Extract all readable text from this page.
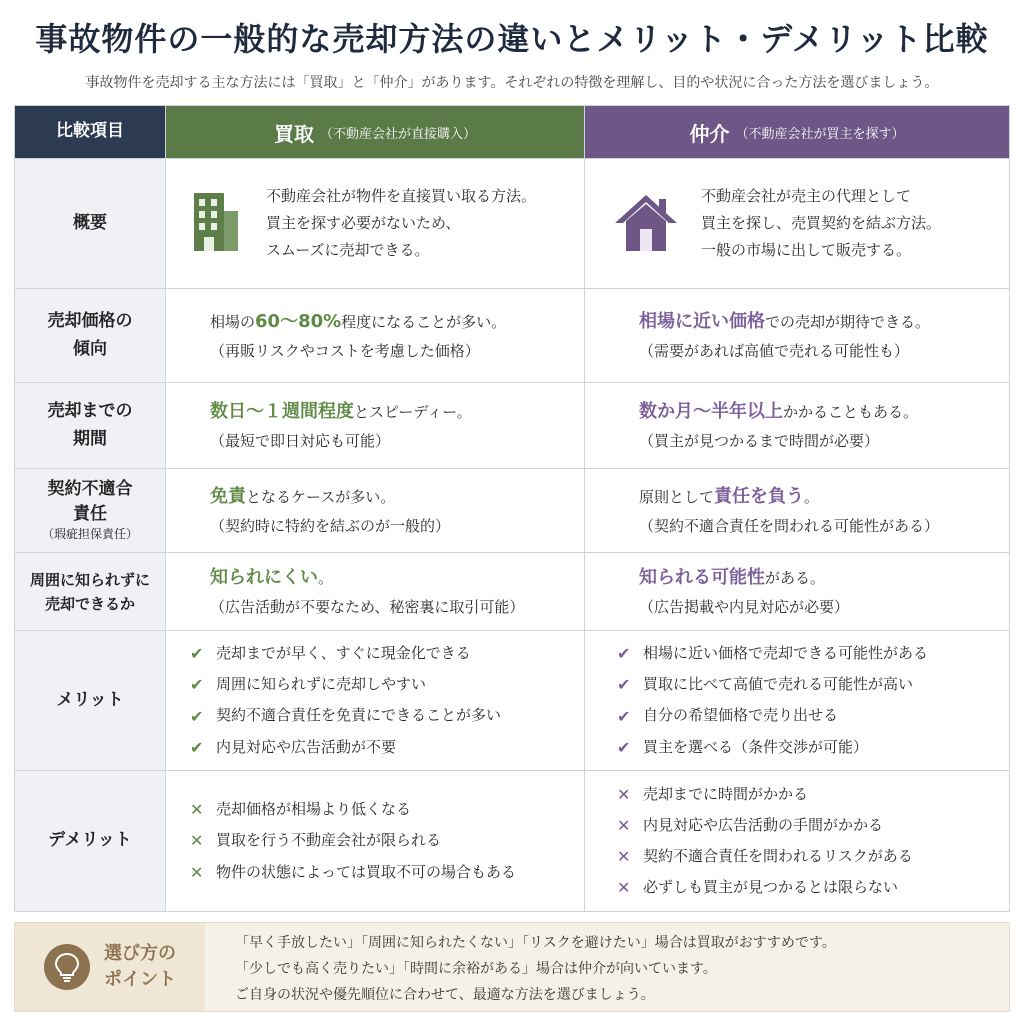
事故物件の一般的な売却方法の違いとメリット・デメリット比較
事故物件を売却する主な方法には「買取」と「仲介」があります。それぞれの特徴を理解し、目的や状況に合った方法を選びましょう。
比較項目	買取 （不動産会社が直接購入）	仲介 （不動産会社が買主を探す）
概要
不動産会社が物件を直接買い取る方法。
買主を探す必要がないため、
スムーズに売却できる。
不動産会社が売主の代理として
買主を探し、売買契約を結ぶ方法。
一般の市場に出して販売する。
売却価格の
傾向
相場の60〜80%程度になることが多い。
（再販リスクやコストを考慮した価格）
相場に近い価格での売却が期待できる。
（需要があれば高値で売れる可能性も）
売却までの
期間
数日〜１週間程度とスピーディー。
（最短で即日対応も可能）
数か月〜半年以上かかることもある。
（買主が見つかるまで時間が必要）
契約不適合
責任
（瑕疵担保責任）
免責となるケースが多い。
（契約時に特約を結ぶのが一般的）
原則として責任を負う。
（契約不適合責任を問われる可能性がある）
周囲に知られずに
売却できるか
知られにくい。
（広告活動が不要なため、秘密裏に取引可能）
知られる可能性がある。
（広告掲載や内見対応が必要）
メリット
✔ 売却までが早く、すぐに現金化できる
✔ 周囲に知られずに売却しやすい
✔ 契約不適合責任を免責にできることが多い
✔ 内見対応や広告活動が不要
✔ 相場に近い価格で売却できる可能性がある
✔ 買取に比べて高値で売れる可能性が高い
✔ 自分の希望価格で売り出せる
✔ 買主を選べる（条件交渉が可能）
デメリット
✕ 売却価格が相場より低くなる
✕ 買取を行う不動産会社が限られる
✕ 物件の状態によっては買取不可の場合もある
✕ 売却までに時間がかかる
✕ 内見対応や広告活動の手間がかかる
✕ 契約不適合責任を問われるリスクがある
✕ 必ずしも買主が見つかるとは限らない
選び方の
ポイント
「早く手放したい」「周囲に知られたくない」「リスクを避けたい」場合は買取がおすすめです。
「少しでも高く売りたい」「時間に余裕がある」場合は仲介が向いています。
ご自身の状況や優先順位に合わせて、最適な方法を選びましょう。
